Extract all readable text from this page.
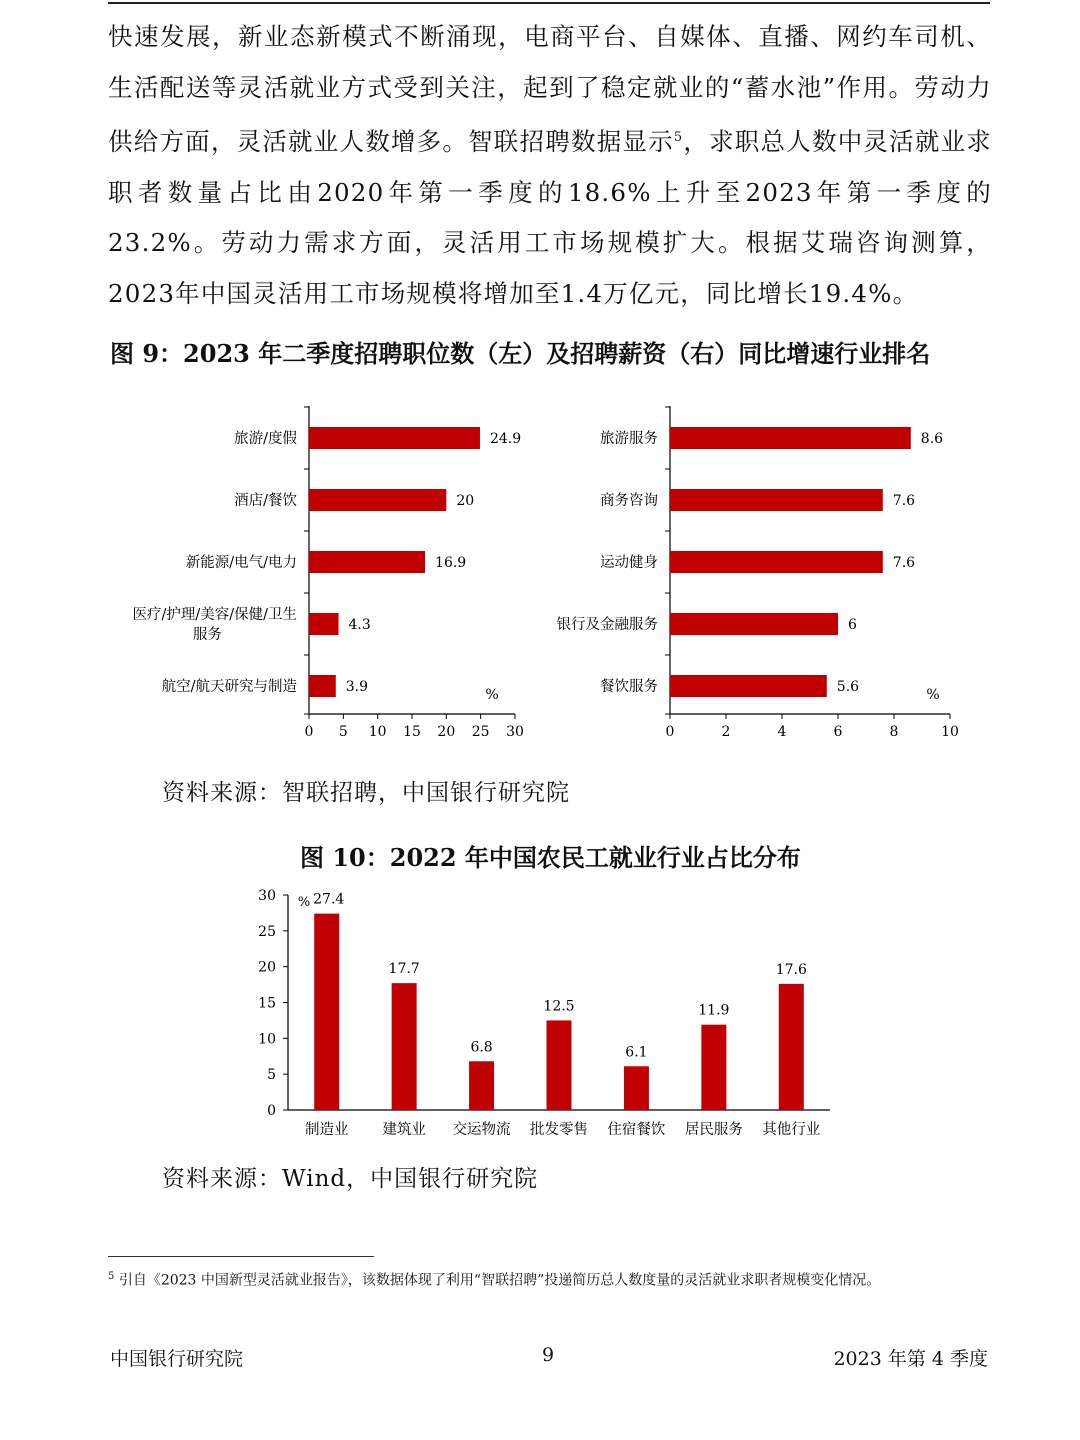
快速发展，新业态新模式不断涌现，电商平台、自媒体、直播、网约车司机、生活配送等灵活就业方式受到关注，起到了稳定就业的“蓄水池”作用。劳动力供给方面，灵活就业人数增多。智联招聘数据显示$^5$，求职总人数中灵活就业求职者数量占比由2020年第一季度的18.6%上升至2023年第一季度的23.2%。劳动力需求方面，灵活用工市场规模扩大。根据艾瑞咨询测算，2023年中国灵活用工市场规模将增加至1.4万亿元，同比增长19.4%。

图 9：2023 年二季度招聘职位数（左）及招聘薪资（右）同比增速行业排名

0 5 10 15 20 25 30
24.9
旅游/度假
20
酒店/餐饮
16.9
新能源/电气/电力
4.3
医疗/护理/美容/保健/卫生
服务
3.9
航空/航天研究与制造	%
0	2	4	6	8	10
8.6
旅游服务
7.6
商务咨询
7.6
运动健身
6
银行及金融服务
5.6
餐饮服务	%

资料来源：智联招聘，中国银行研究院

图 10：2022 年中国农民工就业行业占比分布

0
5
10
15
20
25
30	27.4
制造业
17.7
建筑业
6.8
交运物流
12.5
批发零售
6.1
住宿餐饮
11.9
居民服务
17.6
其他行业
%

资料来源：Wind，中国银行研究院

$^5$ 引自《2023 中国新型灵活就业报告》，该数据体现了利用“智联招聘”投递简历总人数度量的灵活就业求职者规模变化情况。

中国银行研究院	9	2023 年第 4 季度
